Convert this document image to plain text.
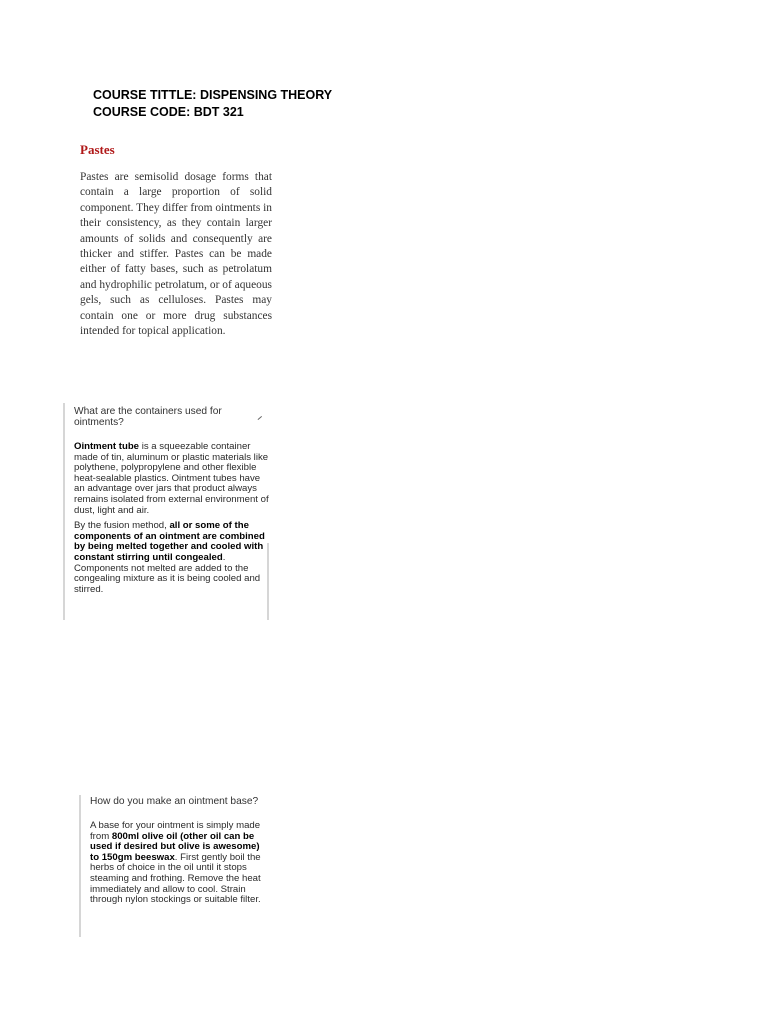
COURSE TITTLE: DISPENSING THEORY
COURSE CODE: BDT 321
Pastes

Pastes are semisolid dosage forms that contain a large proportion of solid component. They differ from ointments in their consistency, as they contain larger amounts of solids and consequently are thicker and stiffer. Pastes can be made either of fatty bases, such as petrolatum and hydrophilic petrolatum, or of aqueous gels, such as celluloses. Pastes may contain one or more drug substances intended for topical application.

What are the containers used for ointments?

Ointment tube is a squeezable container made of tin, aluminum or plastic materials like polythene, polypropylene and other flexible heat-sealable plastics. Ointment tubes have an advantage over jars that product always remains isolated from external environment of dust, light and air.

By the fusion method, all or some of the components of an ointment are combined by being melted together and cooled with constant stirring until congealed. Components not melted are added to the congealing mixture as it is being cooled and stirred.

How do you make an ointment base?

A base for your ointment is simply made from 800ml olive oil (other oil can be used if desired but olive is awesome) to 150gm beeswax. First gently boil the herbs of choice in the oil until it stops steaming and frothing. Remove the heat immediately and allow to cool. Strain through nylon stockings or suitable filter.
